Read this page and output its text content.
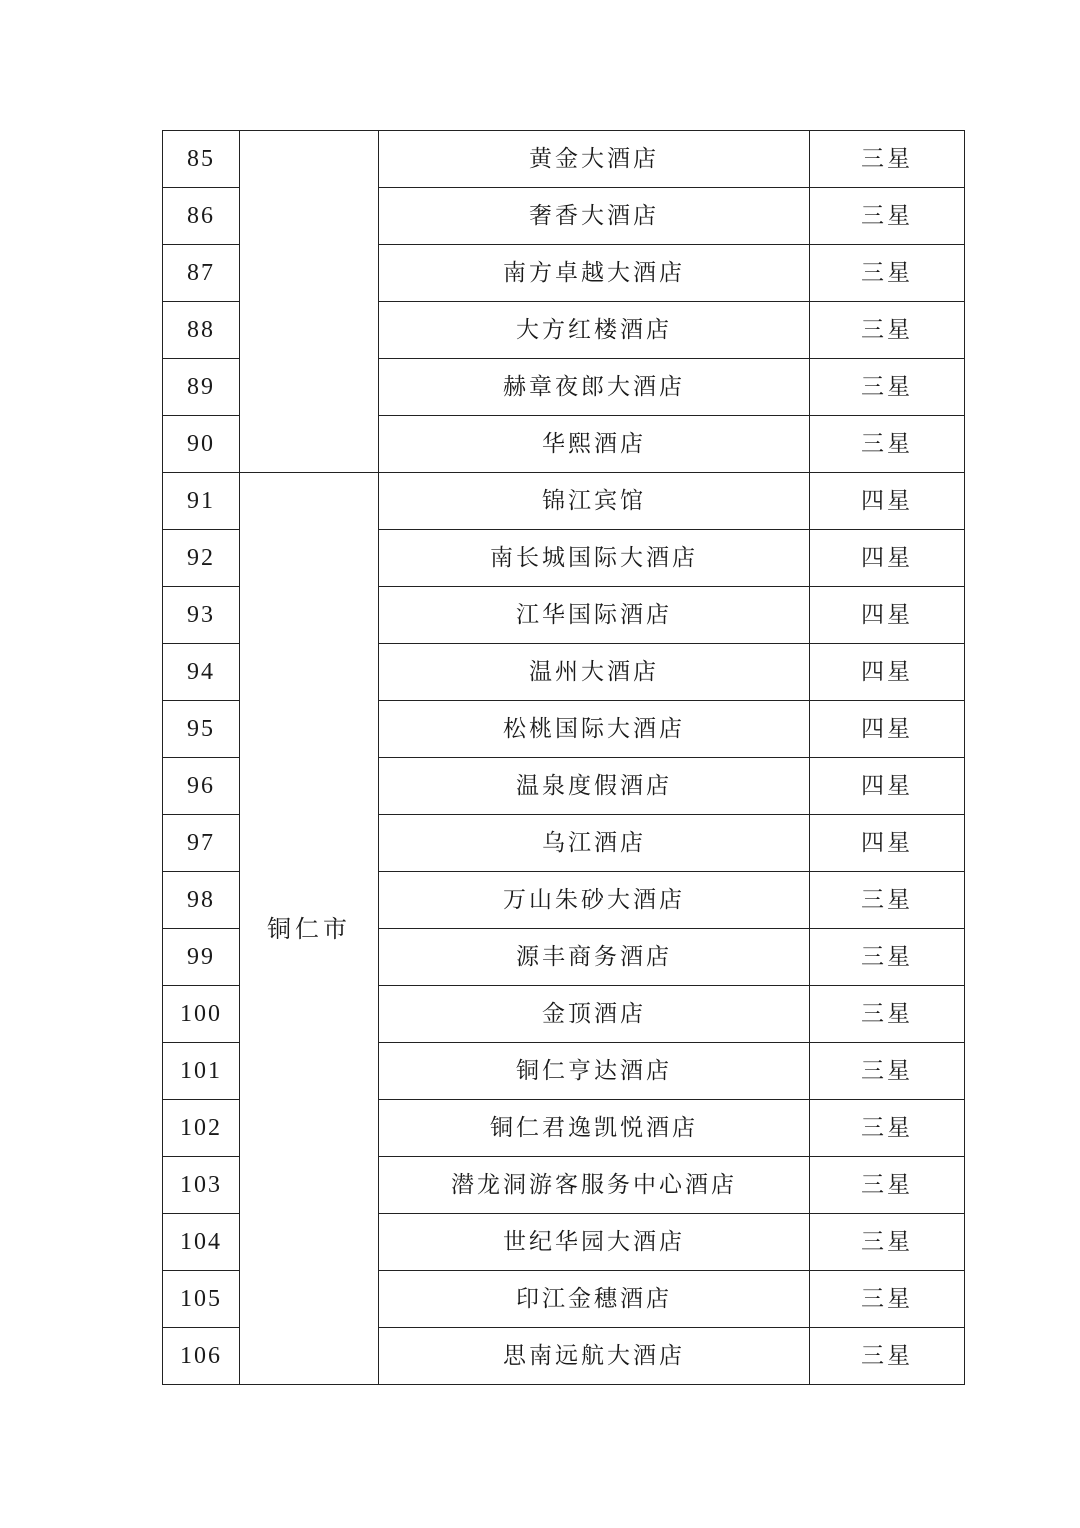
85		黄金大酒店	三星
86		奢香大酒店	三星
87		南方卓越大酒店	三星
88		大方红楼酒店	三星
89		赫章夜郎大酒店	三星
90		华熙酒店	三星
91	铜仁市	锦江宾馆	四星
92		南长城国际大酒店	四星
93		江华国际酒店	四星
94		温州大酒店	四星
95		松桃国际大酒店	四星
96		温泉度假酒店	四星
97		乌江酒店	四星
98		万山朱砂大酒店	三星
99		源丰商务酒店	三星
100		金顶酒店	三星
101		铜仁亨达酒店	三星
102		铜仁君逸凯悦酒店	三星
103		潜龙洞游客服务中心酒店	三星
104		世纪华园大酒店	三星
105		印江金穗酒店	三星
106		思南远航大酒店	三星
